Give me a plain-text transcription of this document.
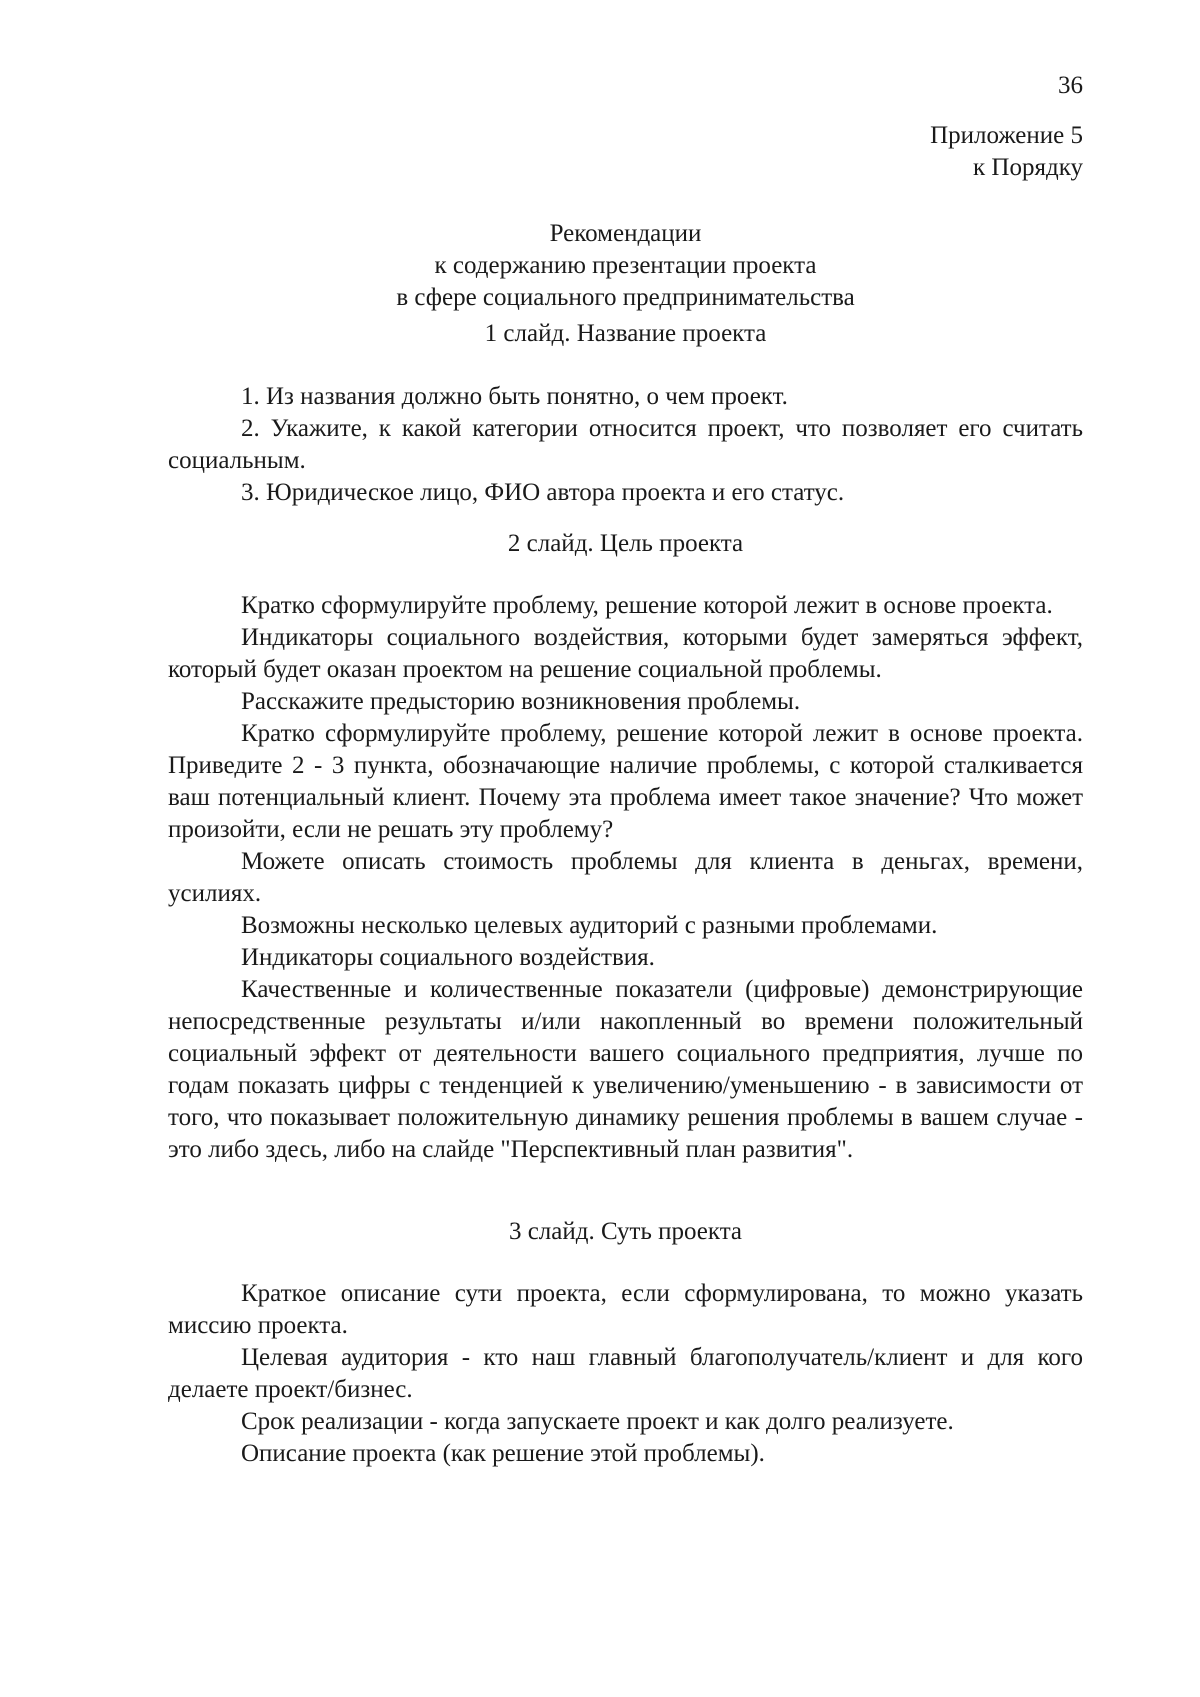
36
Приложение 5
к Порядку
Рекомендации
к содержанию презентации проекта
в сфере социального предпринимательства
1 слайд. Название проекта

1. Из названия должно быть понятно, о чем проект.

2. Укажите, к какой категории относится проект, что позволяет его считать социальным.

3. Юридическое лицо, ФИО автора проекта и его статус.

2 слайд. Цель проекта

Кратко сформулируйте проблему, решение которой лежит в основе проекта.

Индикаторы социального воздействия, которыми будет замеряться эффект, который будет оказан проектом на решение социальной проблемы.

Расскажите предысторию возникновения проблемы.

Кратко сформулируйте проблему, решение которой лежит в основе проекта. Приведите 2 - 3 пункта, обозначающие наличие проблемы, с которой сталкивается ваш потенциальный клиент. Почему эта проблема имеет такое значение? Что может произойти, если не решать эту проблему?

Можете описать стоимость проблемы для клиента в деньгах, времени, усилиях.

Возможны несколько целевых аудиторий с разными проблемами.

Индикаторы социального воздействия.

Качественные и количественные показатели (цифровые) демонстрирующие непосредственные результаты и/или накопленный во времени положительный социальный эффект от деятельности вашего социального предприятия, лучше по годам показать цифры с тенденцией к увеличению/уменьшению - в зависимости от того, что показывает положительную динамику решения проблемы в вашем случае - это либо здесь, либо на слайде "Перспективный план развития".

3 слайд. Суть проекта

Краткое описание сути проекта, если сформулирована, то можно указать миссию проекта.

Целевая аудитория - кто наш главный благополучатель/клиент и для кого делаете проект/бизнес.

Срок реализации - когда запускаете проект и как долго реализуете.

Описание проекта (как решение этой проблемы).
